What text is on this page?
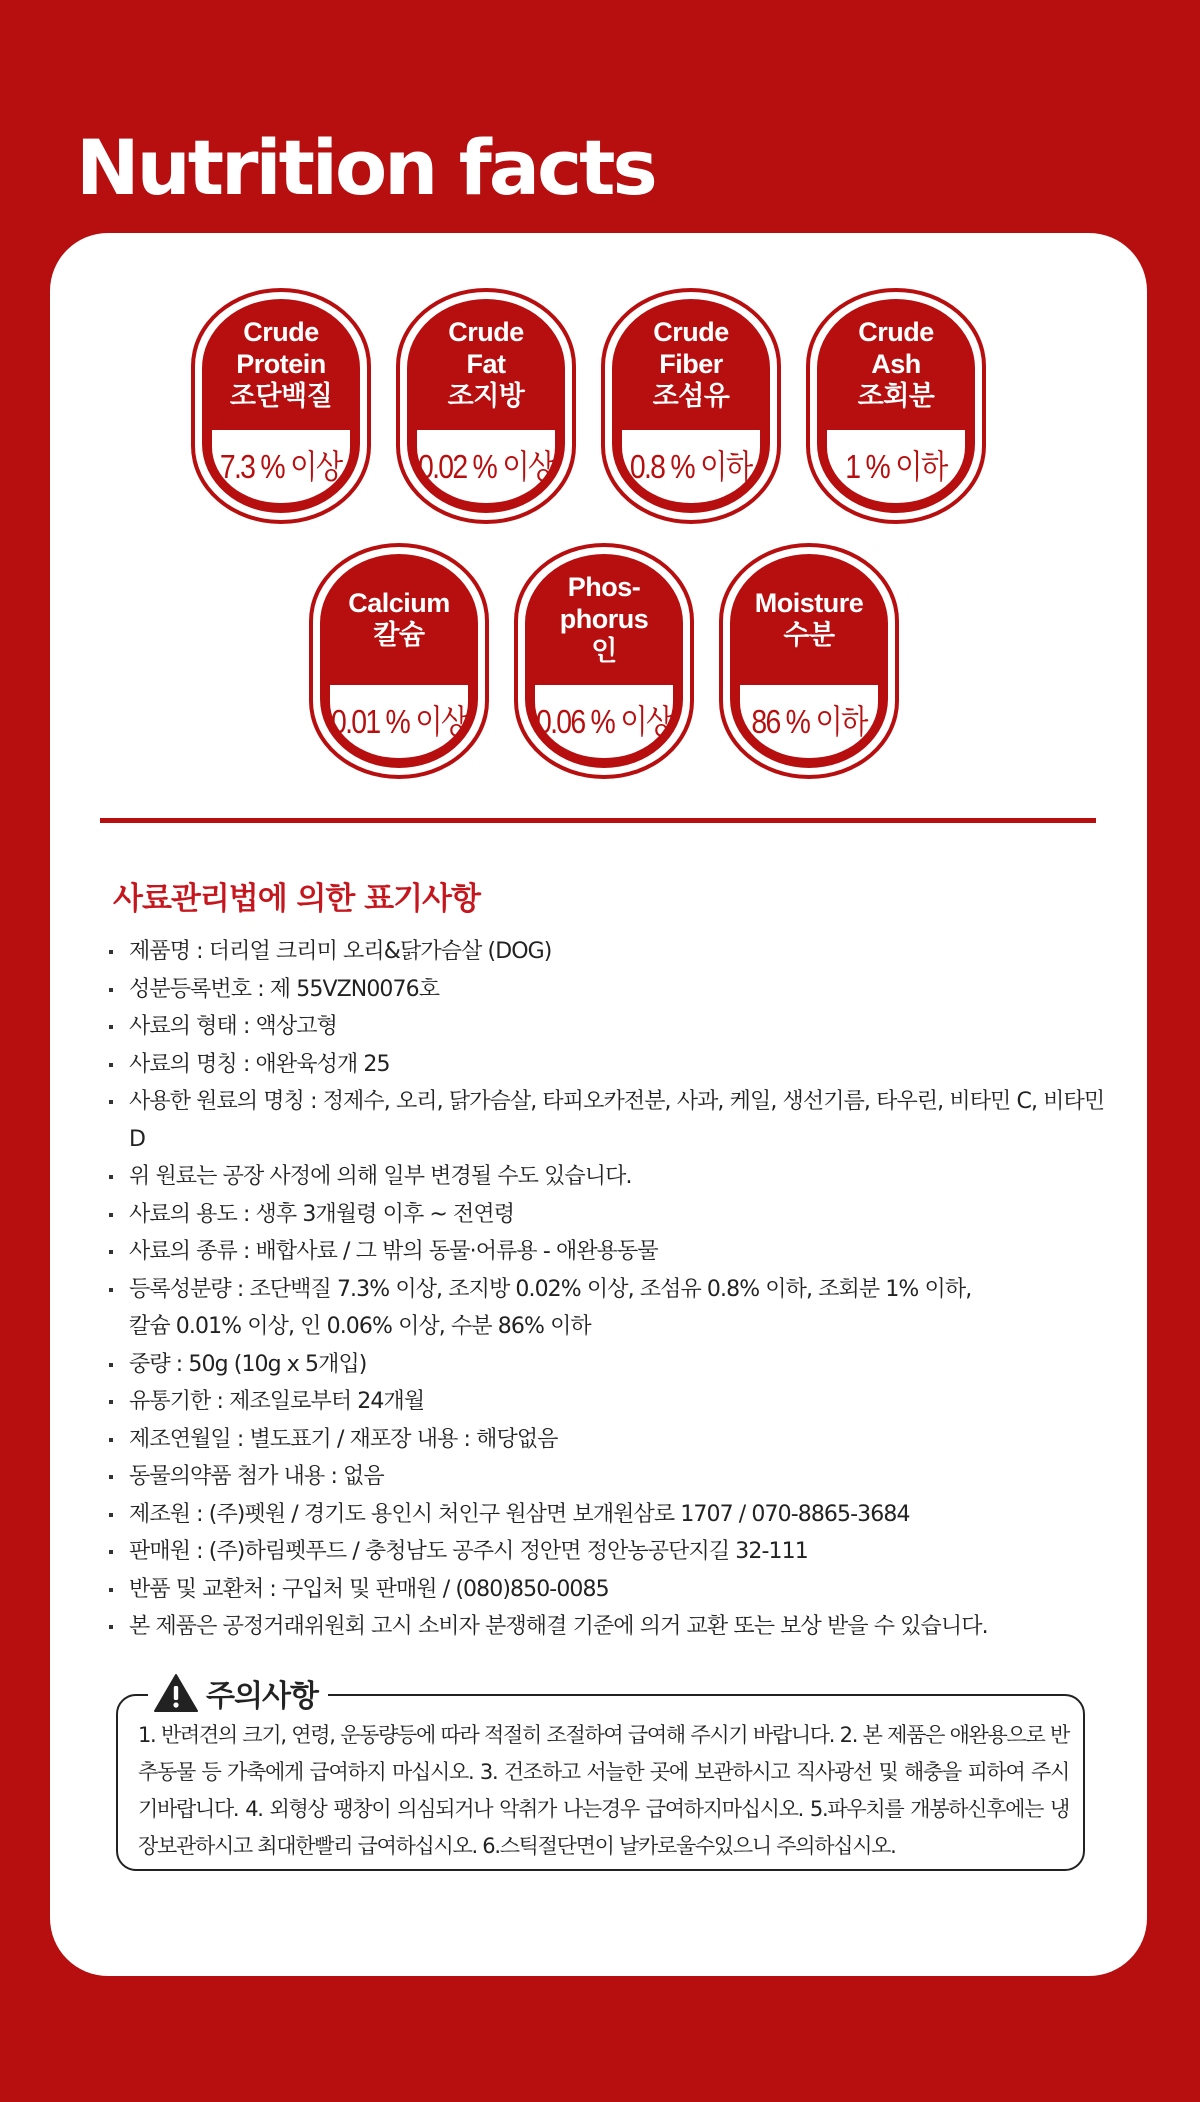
Nutrition facts
Crude
Protein
조단백질
7.3 % 이상
Crude
Fat
조지방
0.02 % 이상
Crude
Fiber
조섬유
0.8 % 이하
Crude
Ash
조회분
1 % 이하
Calcium
칼슘
0.01 % 이상
Phos-
phorus
인
0.06 % 이상
Moisture
수분
86 % 이하
사료관리법에 의한 표기사항
제품명 : 더리얼 크리미 오리&닭가슴살 (DOG)
성분등록번호 : 제 55VZN0076호
사료의 형태 : 액상고형
사료의 명칭 : 애완육성개 25
사용한 원료의 명칭 : 정제수, 오리, 닭가슴살, 타피오카전분, 사과, 케일, 생선기름, 타우린, 비타민 C, 비타민 D
위 원료는 공장 사정에 의해 일부 변경될 수도 있습니다.
사료의 용도 : 생후 3개월령 이후 ~ 전연령
사료의 종류 : 배합사료 / 그 밖의 동물·어류용 - 애완용동물
등록성분량 : 조단백질 7.3% 이상, 조지방 0.02% 이상, 조섬유 0.8% 이하, 조회분 1% 이하,
칼슘 0.01% 이상, 인 0.06% 이상, 수분 86% 이하
중량 : 50g (10g x 5개입)
유통기한 : 제조일로부터 24개월
제조연월일 : 별도표기 / 재포장 내용 : 해당없음
동물의약품 첨가 내용 : 없음
제조원 : (주)펫원 / 경기도 용인시 처인구 원삼면 보개원삼로 1707 / 070-8865-3684
판매원 : (주)하림펫푸드 / 충청남도 공주시 정안면 정안농공단지길 32-111
반품 및 교환처 : 구입처 및 판매원 / (080)850-0085
본 제품은 공정거래위원회 고시 소비자 분쟁해결 기준에 의거 교환 또는 보상 받을 수 있습니다.
주의사항

1. 반려견의 크기, 연령, 운동량등에 따라 적절히 조절하여 급여해 주시기 바랍니다. 2. 본 제품은 애완용으로 반추동물 등 가축에게 급여하지 마십시오. 3. 건조하고 서늘한 곳에 보관하시고 직사광선 및 해충을 피하여 주시기바랍니다. 4. 외형상 팽창이 의심되거나 악취가 나는경우 급여하지마십시오. 5.파우치를 개봉하신후에는 냉장보관하시고 최대한빨리 급여하십시오. 6.스틱절단면이 날카로울수있으니 주의하십시오.
